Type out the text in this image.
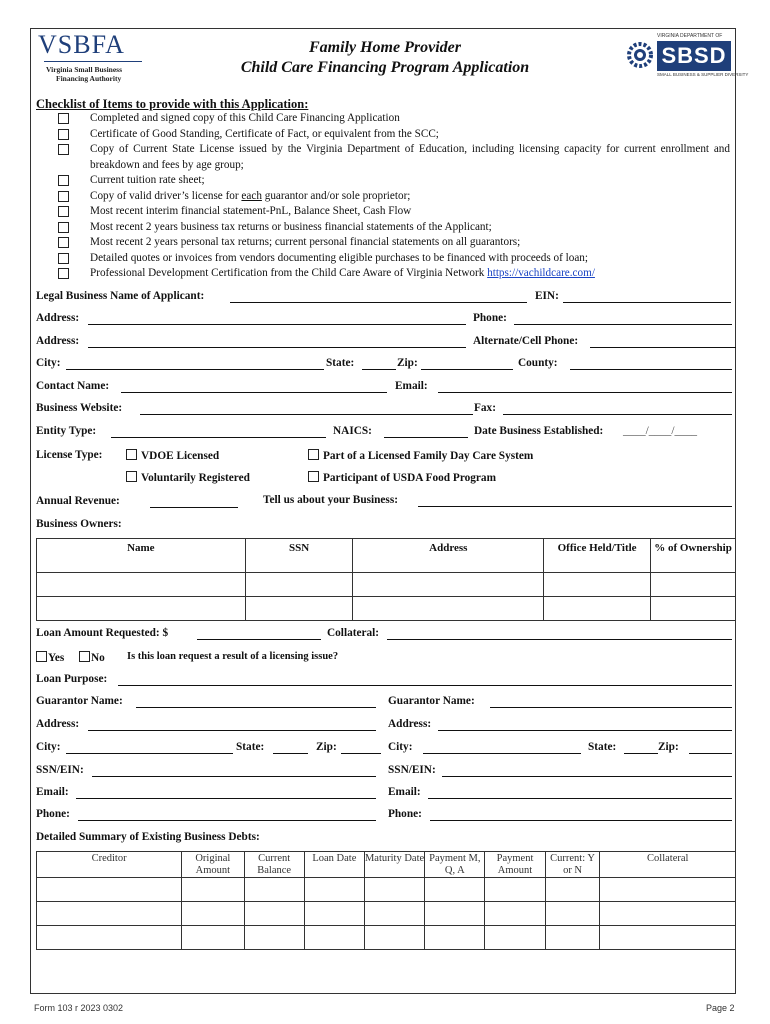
VSBFA
Virginia Small Business
Financing Authority
Family Home Provider
Child Care Financing Program Application
VIRGINIA DEPARTMENT OF
SBSD
SMALL BUSINESS & SUPPLIER DIVERSITY
Checklist of Items to provide with this Application:
Completed and signed copy of this Child Care Financing Application
Certificate of Good Standing, Certificate of Fact, or equivalent from the SCC;
Copy of Current State License issued by the Virginia Department of Education, including licensing capacity for current enrollment and breakdown and fees by age group;
Current tuition rate sheet;
Copy of valid driver’s license for each guarantor and/or sole proprietor;
Most recent interim financial statement-PnL, Balance Sheet, Cash Flow
Most recent 2 years business tax returns or business financial statements of the Applicant;
Most recent 2 years personal tax returns; current personal financial statements on all guarantors;
Detailed quotes or invoices from vendors documenting eligible purchases to be financed with proceeds of loan;
Professional Development Certification from the Child Care Aware of Virginia Network https://vachildcare.com/
Legal Business Name of Applicant:	EIN:
Address:	Phone:
Address:	Alternate/Cell Phone:
City:	State:	Zip:	County:
Contact Name:	Email:
Business Website:	Fax:
Entity Type:	NAICS:	Date Business Established: ____/____/____
License Type:	VDOE Licensed	Part of a Licensed Family Day Care System
Voluntarily Registered	Participant of USDA Food Program
Annual Revenue:	Tell us about your Business:
Business Owners:
Name	SSN	Address	Office Held/Title	% of Ownership

Loan Amount Requested: $	Collateral:
Yes	No Is this loan request a result of a licensing issue?
Loan Purpose:
Guarantor Name:	Guarantor Name:
Address:	Address:
City:	State:	Zip:	City:	State:	Zip:
SSN/EIN:	SSN/EIN:
Email:	Email:
Phone:	Phone:
Detailed Summary of Existing Business Debts:
Creditor	Original Amount	Current Balance	Loan Date	Maturity Date	Payment M, Q, A	Payment Amount	Current: Y or N	Collateral

Form 103 r 2023 0302	Page 2
